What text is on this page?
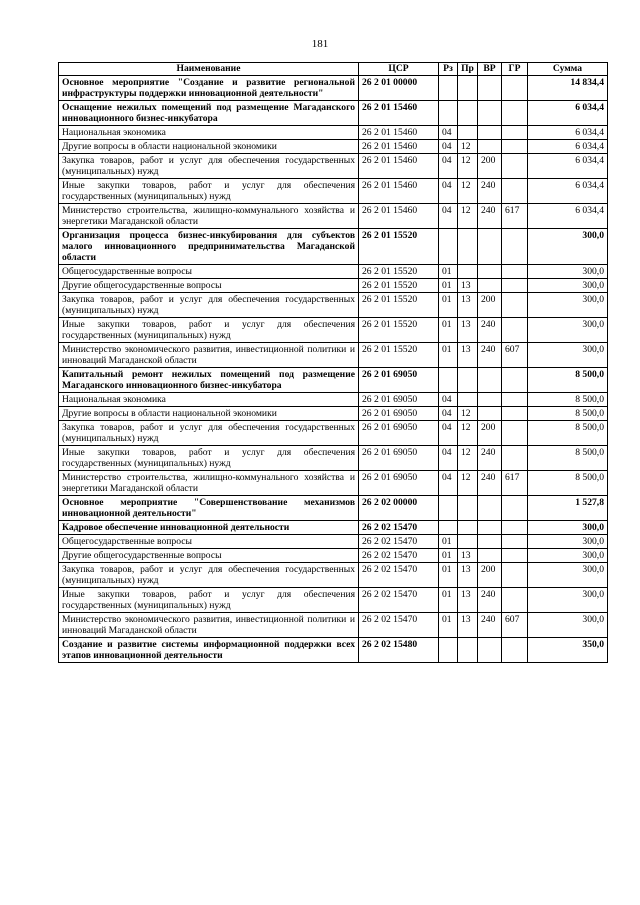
181
Наименование	ЦСР	Рз	Пр	ВР	ГР	Сумма
Основное мероприятие "Создание и развитие региональной инфраструктуры поддержки инновационной деятельности"	26 2 01 00000					14 834,4
Оснащение нежилых помещений под размещение Магаданского инновационного бизнес-инкубатора	26 2 01 15460					6 034,4
Национальная экономика	26 2 01 15460	04				6 034,4
Другие вопросы в области национальной экономики	26 2 01 15460	04	12			6 034,4
Закупка товаров, работ и услуг для обеспечения государственных (муниципальных) нужд	26 2 01 15460	04	12	200		6 034,4
Иные закупки товаров, работ и услуг для обеспечения государственных (муниципальных) нужд	26 2 01 15460	04	12	240		6 034,4
Министерство строительства, жилищно-коммунального хозяйства и энергетики Магаданской области	26 2 01 15460	04	12	240	617	6 034,4
Организация процесса бизнес-инкубирования для субъектов малого инновационного предпринимательства Магаданской области	26 2 01 15520					300,0
Общегосударственные вопросы	26 2 01 15520	01				300,0
Другие общегосударственные вопросы	26 2 01 15520	01	13			300,0
Закупка товаров, работ и услуг для обеспечения государственных (муниципальных) нужд	26 2 01 15520	01	13	200		300,0
Иные закупки товаров, работ и услуг для обеспечения государственных (муниципальных) нужд	26 2 01 15520	01	13	240		300,0
Министерство экономического развития, инвестиционной политики и инноваций Магаданской области	26 2 01 15520	01	13	240	607	300,0
Капитальный ремонт нежилых помещений под размещение Магаданского инновационного бизнес-инкубатора	26 2 01 69050					8 500,0
Национальная экономика	26 2 01 69050	04				8 500,0
Другие вопросы в области национальной экономики	26 2 01 69050	04	12			8 500,0
Закупка товаров, работ и услуг для обеспечения государственных (муниципальных) нужд	26 2 01 69050	04	12	200		8 500,0
Иные закупки товаров, работ и услуг для обеспечения государственных (муниципальных) нужд	26 2 01 69050	04	12	240		8 500,0
Министерство строительства, жилищно-коммунального хозяйства и энергетики Магаданской области	26 2 01 69050	04	12	240	617	8 500,0
Основное мероприятие "Совершенствование механизмов инновационной деятельности"	26 2 02 00000					1 527,8
Кадровое обеспечение инновационной деятельности	26 2 02 15470					300,0
Общегосударственные вопросы	26 2 02 15470	01				300,0
Другие общегосударственные вопросы	26 2 02 15470	01	13			300,0
Закупка товаров, работ и услуг для обеспечения государственных (муниципальных) нужд	26 2 02 15470	01	13	200		300,0
Иные закупки товаров, работ и услуг для обеспечения государственных (муниципальных) нужд	26 2 02 15470	01	13	240		300,0
Министерство экономического развития, инвестиционной политики и инноваций Магаданской области	26 2 02 15470	01	13	240	607	300,0
Создание и развитие системы информационной поддержки всех этапов инновационной деятельности	26 2 02 15480					350,0
